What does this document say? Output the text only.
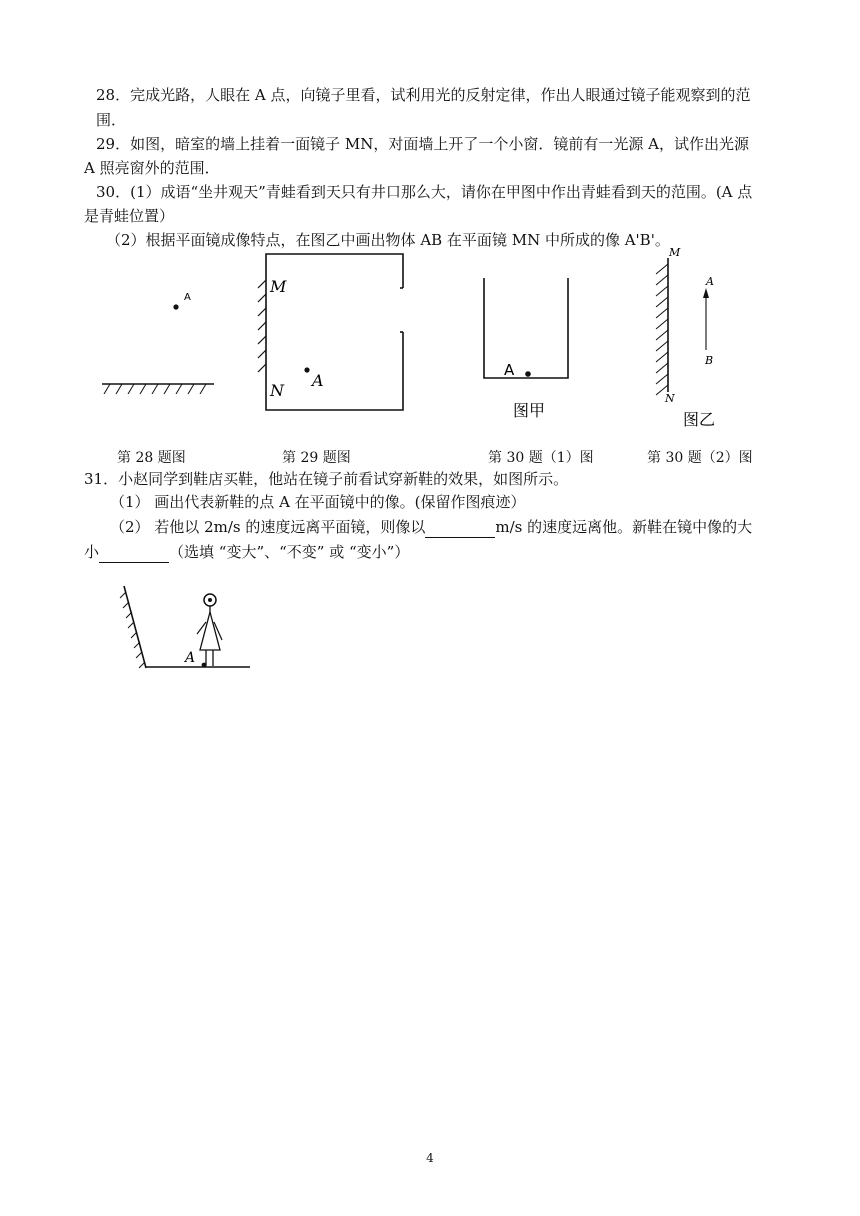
28．完成光路，人眼在 A 点，向镜子里看，试利用光的反射定律，作出人眼通过镜子能观察到的范
围．
29．如图，暗室的墙上挂着一面镜子 MN，对面墙上开了一个小窗．镜前有一光源 A，试作出光源
A 照亮窗外的范围．
30．(1）成语“坐井观天”青蛙看到天只有井口那么大，请你在甲图中作出青蛙看到天的范围。(A 点
是青蛙位置）
（2）根据平面镜成像特点，在图乙中画出物体 AB 在平面镜 MN 中所成的像 A'B'。
A
M
N
A
A
图甲
M
N
A
B
图乙
第 28 题图	第 29 题图	第 30 题（1）图	第 30 题（2）图
31．小赵同学到鞋店买鞋，他站在镜子前看试穿新鞋的效果，如图所示。
（1） 画出代表新鞋的点 A 在平面镜中的像。(保留作图痕迹）
（2） 若他以 2m/s 的速度远离平面镜，则像以	m/s 的速度远离他。新鞋在镜中像的大
小	（选填 “变大”、“不变” 或 “变小”）
A
4
